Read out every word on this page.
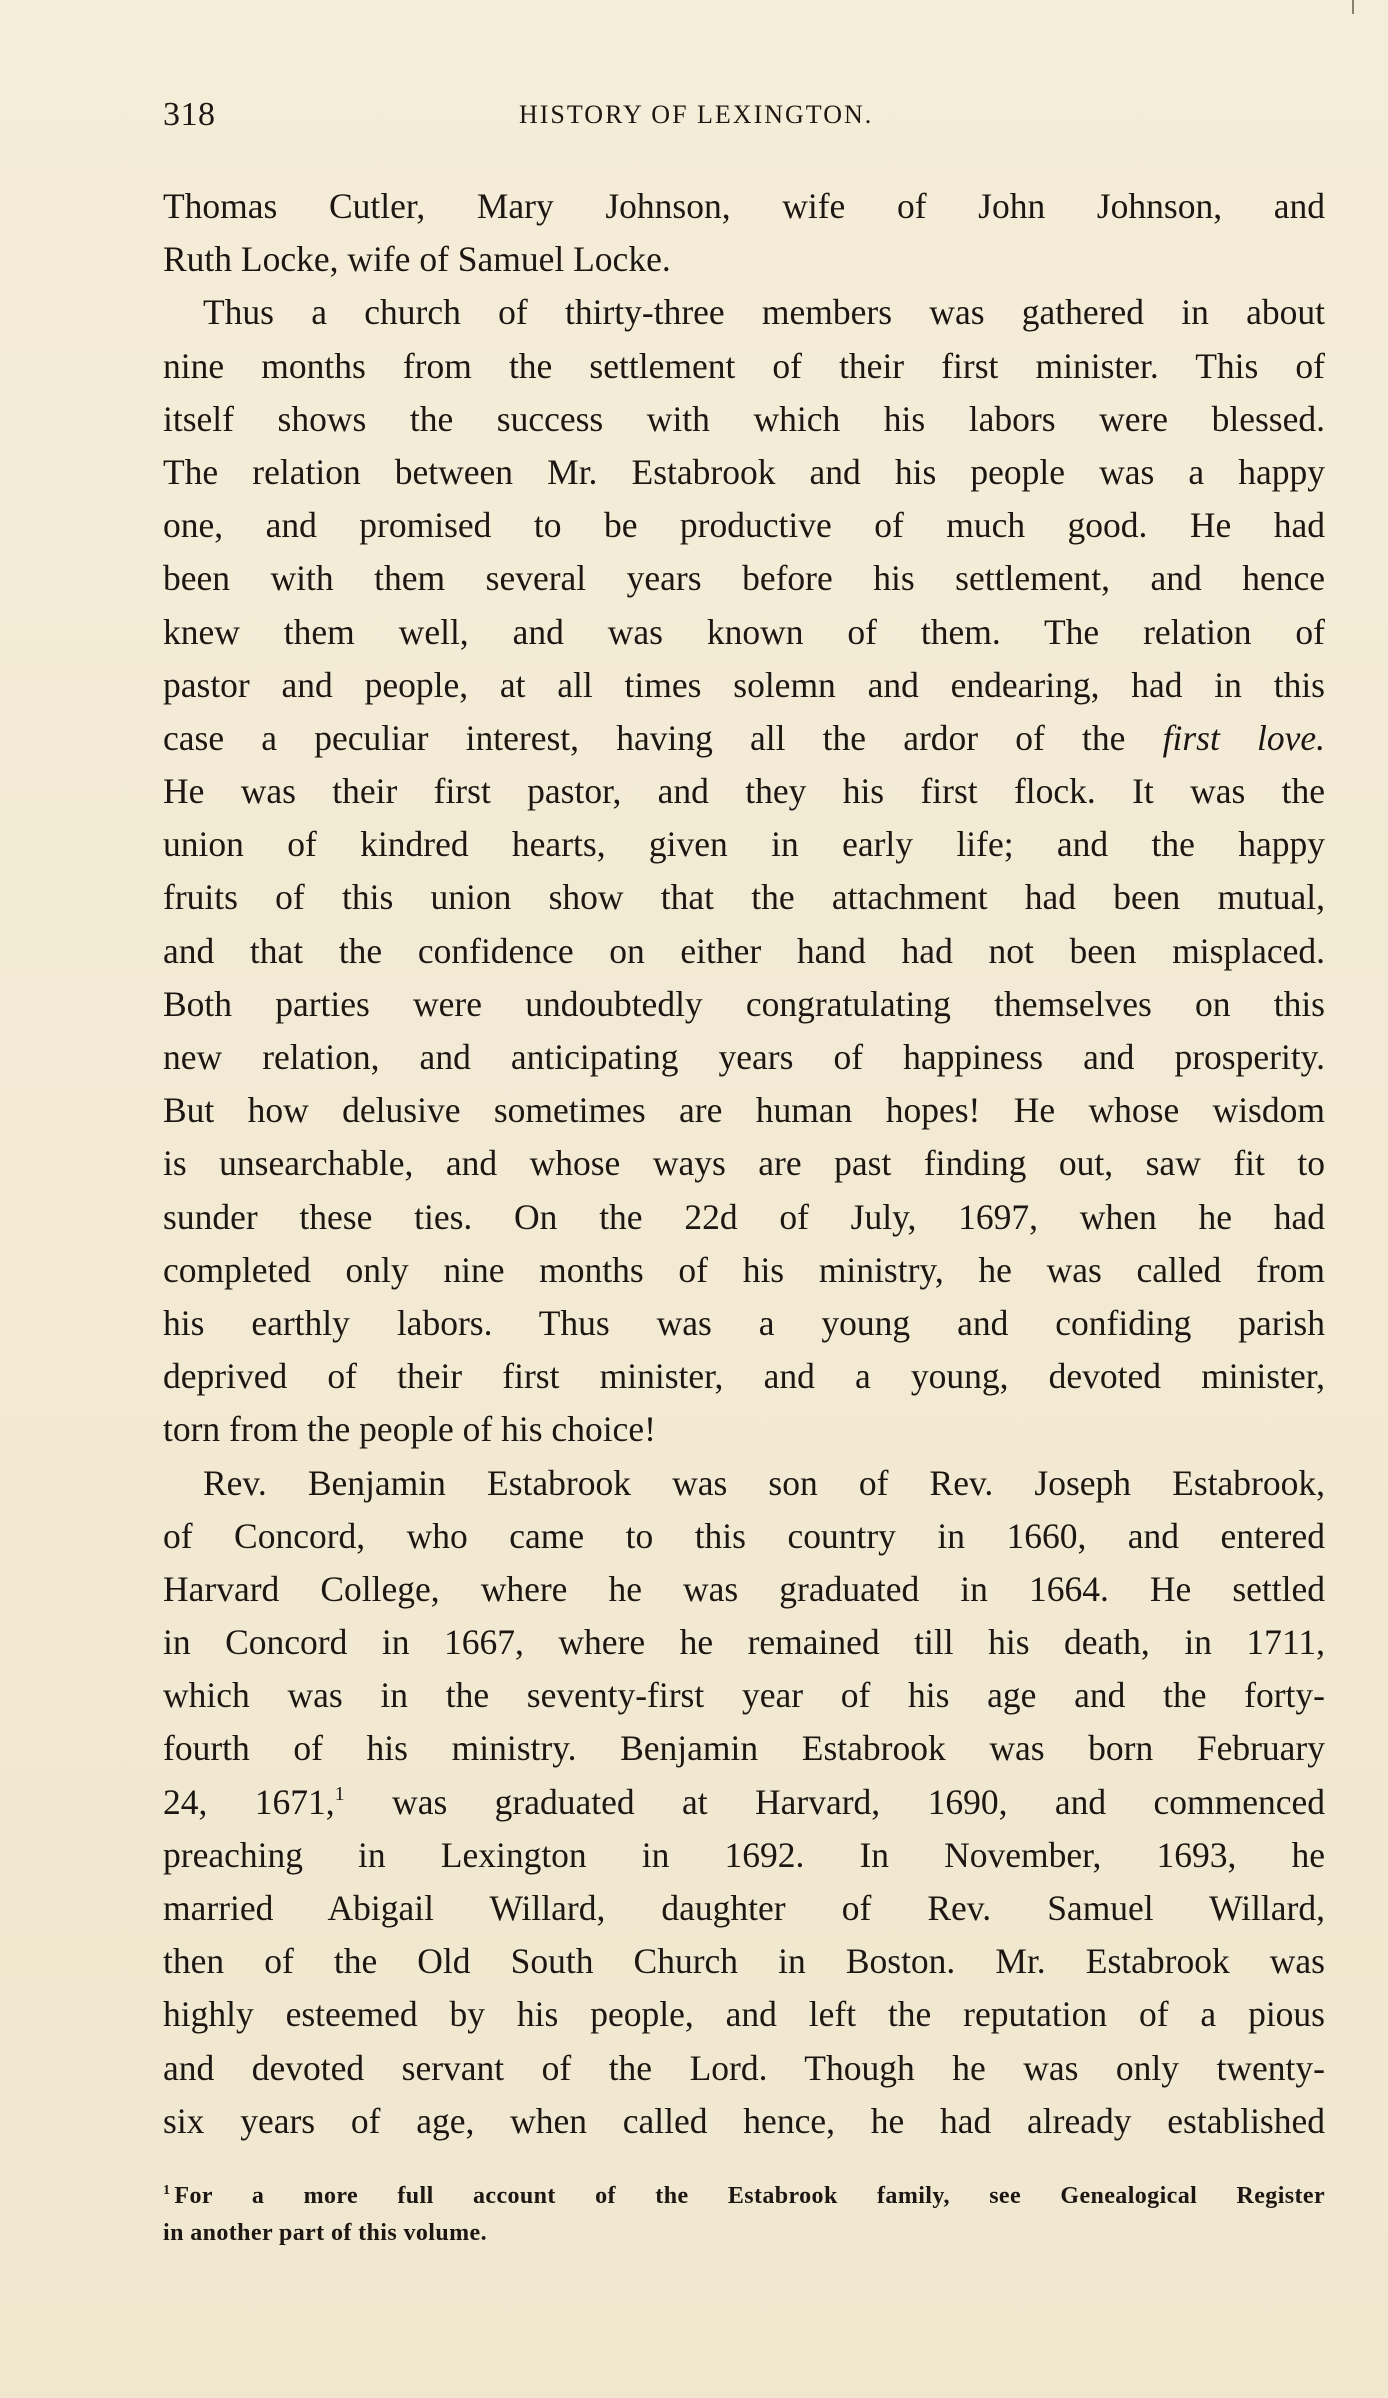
318	HISTORY OF LEXINGTON.
Thomas Cutler, Mary Johnson, wife of John Johnson, and
Ruth Locke, wife of Samuel Locke.
Thus a church of thirty-three members was gathered in about
nine months from the settlement of their first minister. This of
itself shows the success with which his labors were blessed.
The relation between Mr. Estabrook and his people was a happy
one, and promised to be productive of much good. He had
been with them several years before his settlement, and hence
knew them well, and was known of them. The relation of
pastor and people, at all times solemn and endearing, had in this
case a peculiar interest, having all the ardor of the first love.
He was their first pastor, and they his first flock. It was the
union of kindred hearts, given in early life; and the happy
fruits of this union show that the attachment had been mutual,
and that the confidence on either hand had not been misplaced.
Both parties were undoubtedly congratulating themselves on this
new relation, and anticipating years of happiness and prosperity.
But how delusive sometimes are human hopes! He whose wisdom
is unsearchable, and whose ways are past finding out, saw fit to
sunder these ties. On the 22d of July, 1697, when he had
completed only nine months of his ministry, he was called from
his earthly labors. Thus was a young and confiding parish
deprived of their first minister, and a young, devoted minister,
torn from the people of his choice!
Rev. Benjamin Estabrook was son of Rev. Joseph Estabrook,
of Concord, who came to this country in 1660, and entered
Harvard College, where he was graduated in 1664. He settled
in Concord in 1667, where he remained till his death, in 1711,
which was in the seventy-first year of his age and the forty-
fourth of his ministry. Benjamin Estabrook was born February
24, 1671,$^1$ was graduated at Harvard, 1690, and commenced
preaching in Lexington in 1692. In November, 1693, he
married Abigail Willard, daughter of Rev. Samuel Willard,
then of the Old South Church in Boston. Mr. Estabrook was
highly esteemed by his people, and left the reputation of a pious
and devoted servant of the Lord. Though he was only twenty-
six years of age, when called hence, he had already established
$^1$ For a more full account of the Estabrook family, see Genealogical Register
in another part of this volume.
